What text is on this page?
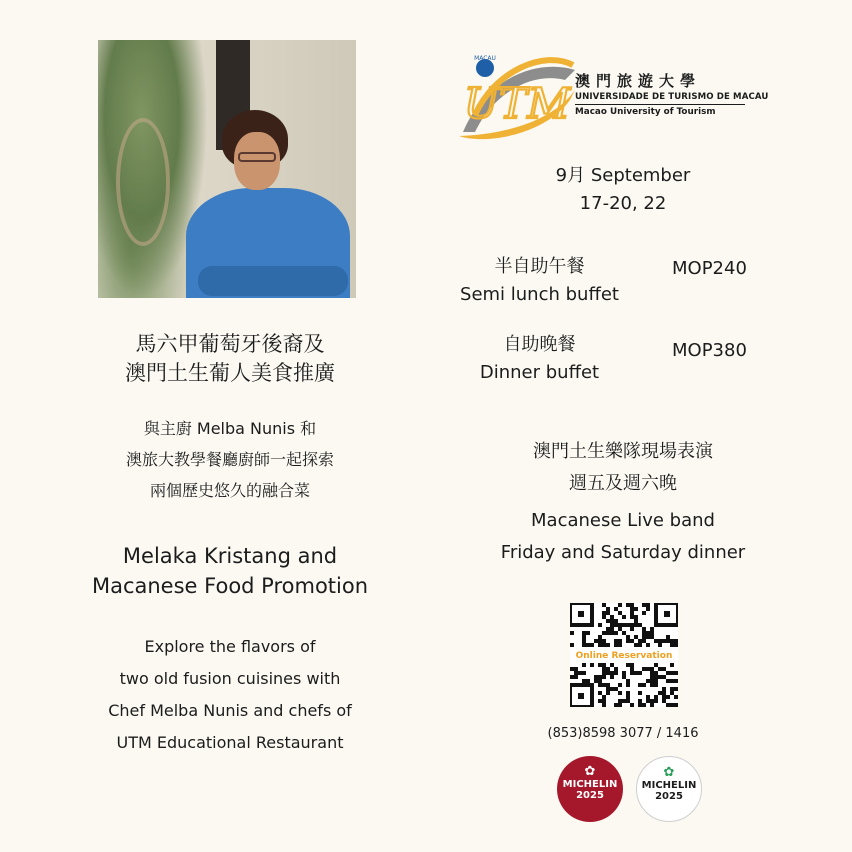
MACAU
UTM 澳門旅遊大學
UNIVERSIDADE DE TURISMO DE MACAU
Macao University of Tourism
馬六甲葡萄牙後裔及
澳門土生葡人美食推廣
與主廚 Melba Nunis 和
澳旅大教學餐廳廚師一起探索
兩個歷史悠久的融合菜
Melaka Kristang and
Macanese Food Promotion
Explore the flavors of
two old fusion cuisines with
Chef Melba Nunis and chefs of
UTM Educational Restaurant
9月 September
17-20, 22
半自助午餐
Semi lunch buffet
MOP240
自助晚餐
Dinner buffet
MOP380
澳門土生樂隊現場表演
週五及週六晚
Macanese Live band
Friday and Saturday dinner
Online Reservation
(853)8598 3077 / 1416
✿
MICHELIN
2025
✿
MICHELIN
2025
